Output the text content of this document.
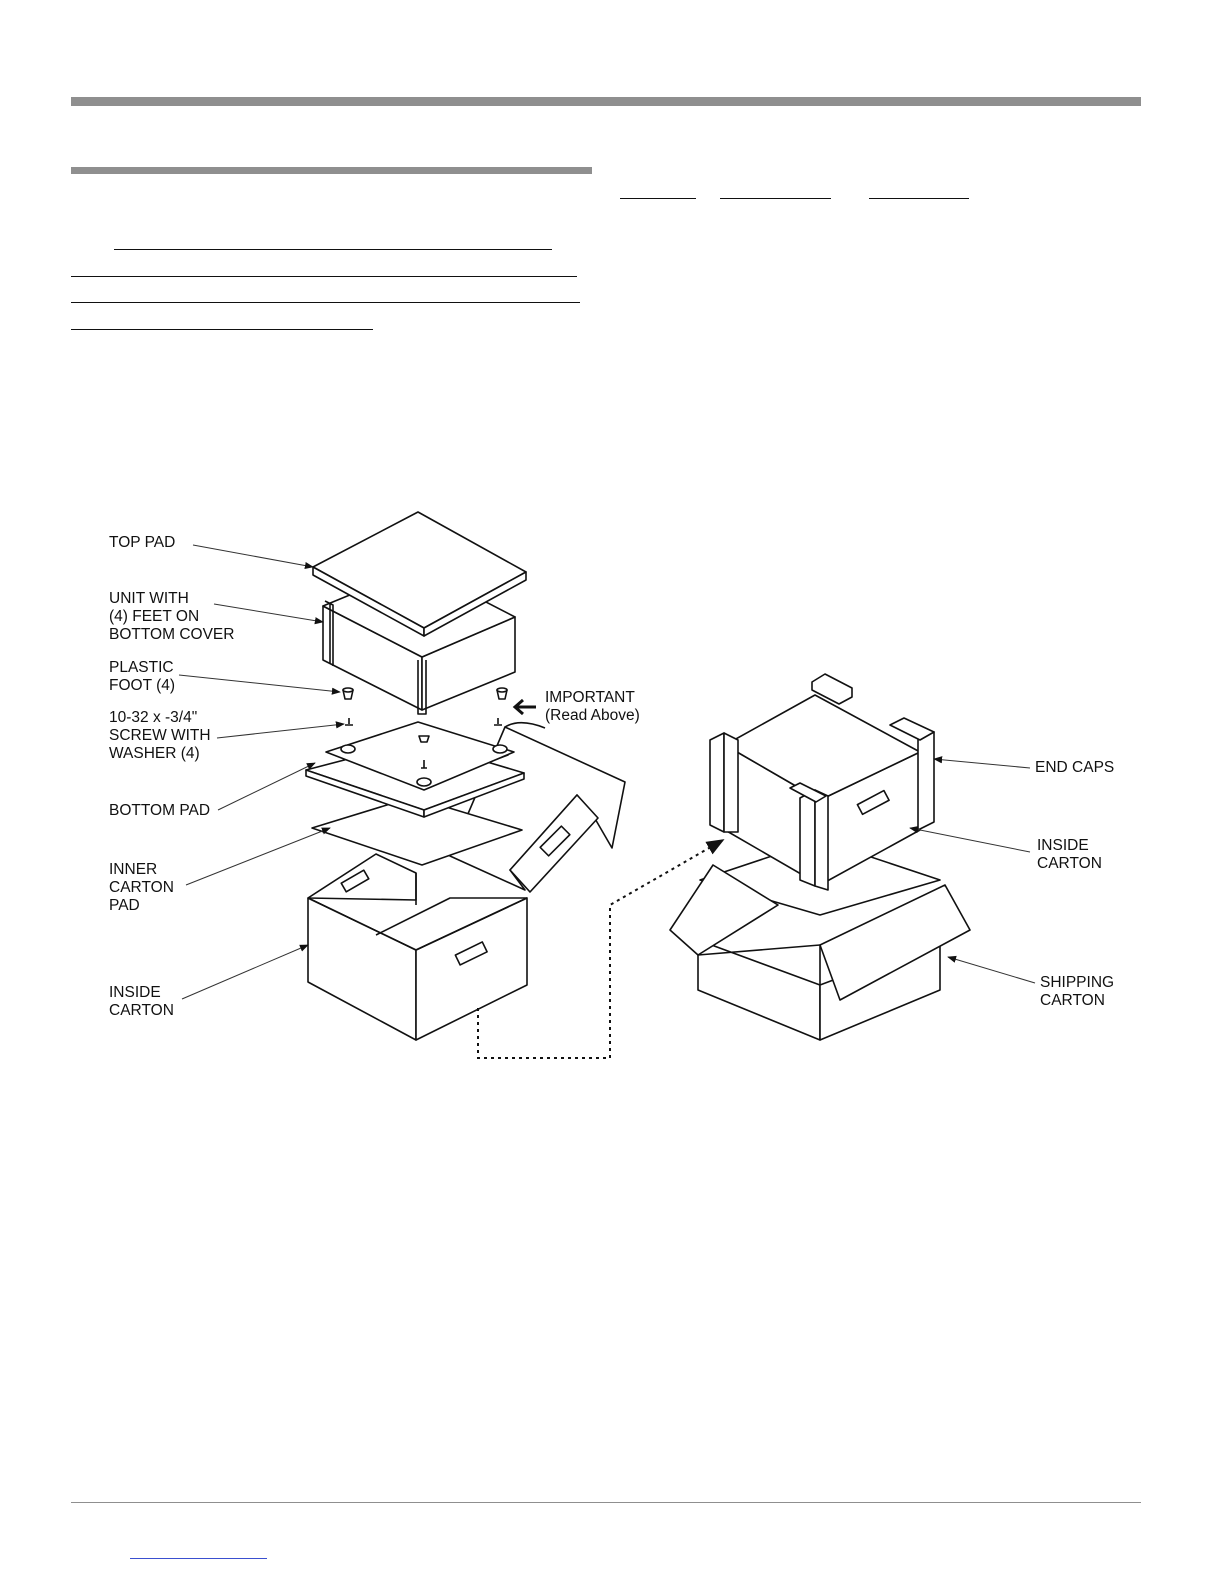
TOP PAD
UNIT WITH
(4) FEET ON
BOTTOM COVER
PLASTIC
FOOT (4)
10-32 x -3/4"
SCREW WITH
WASHER (4)
BOTTOM PAD
INNER
CARTON
PAD
INSIDE
CARTON
IMPORTANT
(Read Above)
END CAPS
INSIDE
CARTON
SHIPPING
CARTON
